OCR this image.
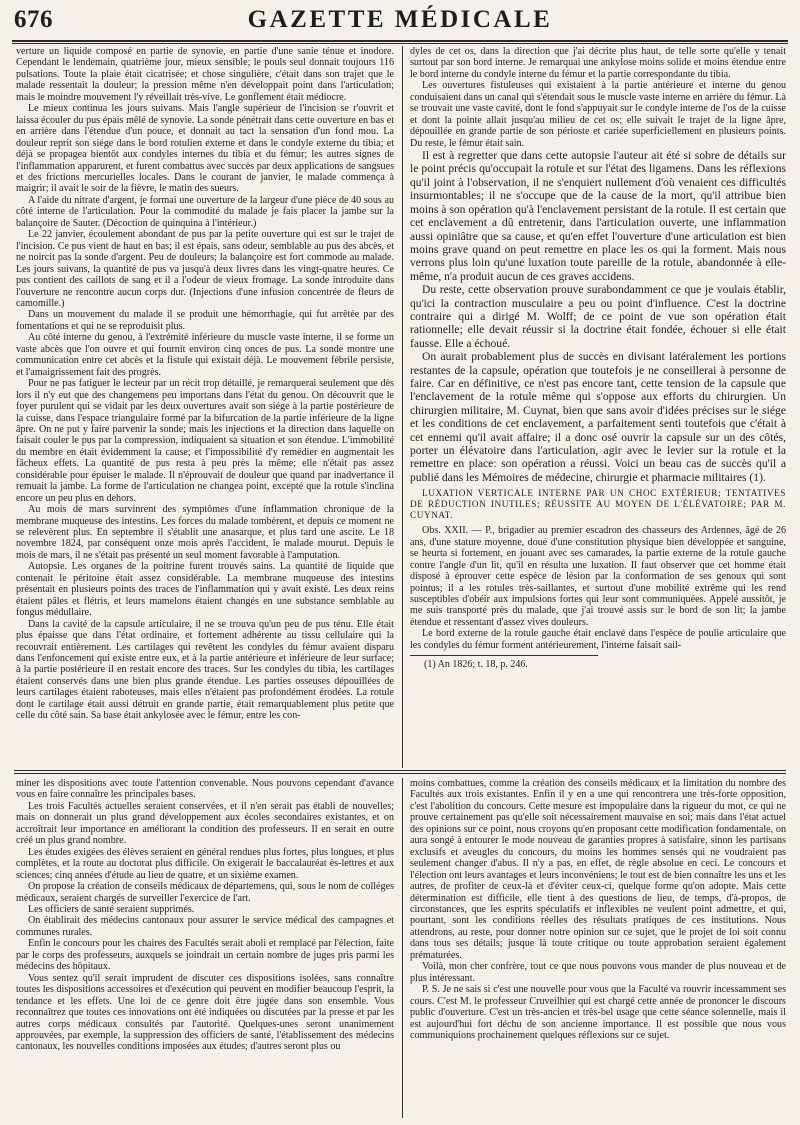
676	GAZETTE MÉDICALE

verture un liquide composé en partie de synovie, en partie d'une sanie ténue et inodore. Cependant le lendemain, quatrième jour, mieux sensible; le pouls seul donnait toujours 116 pulsations. Toute la plaie était cicatrisée; et chose singulière, c'était dans son trajet que le malade ressentait la douleur; la pression même n'en développait point dans l'articulation; mais le moindre mouvement l'y réveillait très-vive. Le gonflement était médiocre.

Le mieux continua les jours suivans. Mais l'angle supérieur de l'incision se r'ouvrit et laissa écouler du pus épais mêlé de synovie. La sonde pénétrait dans cette ouverture en bas et en arrière dans l'étendue d'un pouce, et donnait au tact la sensation d'un fond mou. La douleur reprit son siége dans le bord rotulien externe et dans le condyle externe du tibia; et déjà se propagea bientôt aux condyles internes du tibia et du fémur; les autres signes de l'inflammation apparurent, et furent combattus avec succès par deux applications de sangsues et des frictions mercurielles locales. Dans le courant de janvier, le malade commença à maigrir; il avait le soir de la fièvre, le matin des sueurs.

A l'aide du nitrate d'argent, je formai une ouverture de la largeur d'une pièce de 40 sous au côté interne de l'articulation. Pour la commodité du malade je fais placer la jambe sur la balançoire de Sauter. (Décoction de quinquina à l'intérieur.)

Le 22 janvier, écoulement abondant de pus par la petite ouverture qui est sur le trajet de l'incision. Ce pus vient de haut en bas; il est épais, sans odeur, semblable au pus des abcès, et ne noircit pas la sonde d'argent. Peu de douleurs; la balançoire est fort commode au malade. Les jours suivans, la quantité de pus va jusqu'à deux livres dans les vingt-quatre heures. Ce pus contient des caillots de sang et il a l'odeur de vieux fromage. La sonde introduite dans l'ouverture ne rencontre aucun corps dur. (Injections d'une infusion concentrée de fleurs de camomille.)

Dans un mouvement du malade il se produit une hémorrhagie, qui fut arrêtée par des fomentations et qui ne se reproduisit plus.

Au côté interne du genou, à l'extrémité inférieure du muscle vaste interne, il se forme un vaste abcès que l'on ouvre et qui fournit environ cinq onces de pus. La sonde montre une communication entre cet abcès et la fistule qui existait déjà. Le mouvement fébrile persiste, et l'amaigrissement fait des progrès.

Pour ne pas fatiguer le lecteur par un récit trop détaillé, je remarquerai seulement que dès lors il n'y eut que des changemens peu importans dans l'état du genou. On découvrit que le foyer purulent qui se vidait par les deux ouvertures avait son siége à la partie postérieure de la cuisse, dans l'espace triangulaire formé par la bifurcation de la partie inférieure de la ligne âpre. On ne put y faire parvenir la sonde; mais les injections et la direction dans laquelle on faisait couler le pus par la compression, indiquaient sa situation et son étendue. L'immobilité du membre en était évidemment la cause; et l'impossibilité d'y remédier en augmentait les fâcheux effets. La quantité de pus resta à peu près la même; elle n'était pas assez considérable pour épuiser le malade. Il n'éprouvait de douleur que quand par inadvertance il remuait la jambe. La forme de l'articulation ne changea point, excepté que la rotule s'inclina encore un peu plus en dehors.

Au mois de mars survinrent des symptômes d'une inflammation chronique de la membrane muqueuse des intestins. Les forces du malade tombèrent, et depuis ce moment ne se relevèrent plus. En septembre il s'établit une anasarque, et plus tard une ascite. Le 18 novembre 1824, par conséquent onze mois après l'accident, le malade mourut. Depuis le mois de mars, il ne s'était pas présenté un seul moment favorable à l'amputation.

Autopsie. Les organes de la poitrine furent trouvés sains. La quantité de liquide que contenait le péritoine était assez considérable. La membrane muqueuse des intestins présentait en plusieurs points des traces de l'inflammation qui y avait existé. Les deux reins étaient pâles et flétris, et leurs mamelons étaient changés en une substance semblable au fongus médullaire.

Dans la cavité de la capsule articulaire, il ne se trouva qu'un peu de pus ténu. Elle était plus épaisse que dans l'état ordinaire, et fortement adhérente au tissu cellulaire qui la recouvrait entièrement. Les cartilages qui revêtent les condyles du fémur avaient disparu dans l'enfoncement qui existe entre eux, et à la partie antérieure et inférieure de leur surface; à la partie postérieure il en restait encore des traces. Sur les condyles du tibia, les cartilages étaient conservés dans une bien plus grande étendue. Les parties osseuses dépouillées de leurs cartilages étaient raboteuses, mais elles n'étaient pas profondément érodées. La rotule dont le cartilage était aussi détruit en grande partie, était remarquablement plus petite que celle du côté sain. Sa base était ankylosée avec le fémur, entre les con-

dyles de cet os, dans la direction que j'ai décrite plus haut, de telle sorte qu'elle y tenait surtout par son bord interne. Je remarquai une ankylose moins solide et moins étendue entre le bord interne du condyle interne du fémur et la partie correspondante du tibia.

Les ouvertures fistuleuses qui existaient à la partie antérieure et interne du genou conduisaient dans un canal qui s'étendait sous le muscle vaste interne en arrière du fémur. Là se trouvait une vaste cavité, dont le fond s'appuyait sur le condyle interne de l'os de la cuisse et dont la pointe allait jusqu'au milieu de cet os; elle suivait le trajet de la ligne âpre, dépouillée en grande partie de son périoste et cariée superficiellement en plusieurs points. Du reste, le fémur était sain.

Il est à regretter que dans cette autopsie l'auteur ait été si sobre de détails sur le point précis qu'occupait la rotule et sur l'état des ligamens. Dans les réflexions qu'il joint à l'observation, il ne s'enquiert nullement d'où venaient ces difficultés insurmontables; il ne s'occupe que de la cause de la mort, qu'il attribue bien moins à son opération qu'à l'enclavement persistant de la rotule. Il est certain que cet enclavement a dû entretenir, dans l'articulation ouverte, une inflammation aussi opiniâtre que sa cause, et qu'en effet l'ouverture d'une articulation est bien moins grave quand on peut remettre en place les os qui la forment. Mais nous verrons plus loin qu'une luxation toute pareille de la rotule, abandonnée à elle-même, n'a produit aucun de ces graves accidens.

Du reste, cette observation prouve surabondamment ce que je voulais établir, qu'ici la contraction musculaire a peu ou point d'influence. C'est la doctrine contraire qui a dirigé M. Wolff; de ce point de vue son opération était rationnelle; elle devait réussir si la doctrine était fondée, échouer si elle était fausse. Elle a échoué.

On aurait probablement plus de succès en divisant latéralement les portions restantes de la capsule, opération que toutefois je ne conseillerai à personne de faire. Car en définitive, ce n'est pas encore tant, cette tension de la capsule que l'enclavement de la rotule même qui s'oppose aux efforts du chirurgien. Un chirurgien militaire, M. Cuynat, bien que sans avoir d'idées précises sur le siége et les conditions de cet enclavement, a parfaitement senti toutefois que c'était à cet ennemi qu'il avait affaire; il a donc osé ouvrir la capsule sur un des côtés, porter un élévatoire dans l'articulation, agir avec le levier sur la rotule et la remettre en place: son opération a réussi. Voici un beau cas de succès qu'il a publié dans les Mémoires de médecine, chirurgie et pharmacie militaires (1).

LUXATION VERTICALE INTERNE PAR UN CHOC EXTÉRIEUR; TENTATIVES DE RÉDUCTION INUTILES; RÉUSSITE AU MOYEN DE L'ÉLÉVATOIRE; PAR M. CUYNAT.

Obs. XXII. — P., brigadier au premier escadron des chasseurs des Ardennes, âgé de 26 ans, d'une stature moyenne, doué d'une constitution physique bien développée et sanguine, se heurta si fortement, en jouant avec ses camarades, la partie externe de la rotule gauche contre l'angle d'un lit, qu'il en résulta une luxation. Il faut observer que cet homme était disposé à éprouver cette espèce de lésion par la conformation de ses genoux qui sont pointus; il a les rotules très-saillantes, et surtout d'une mobilité extrême qui les rend susceptibles d'obéir aux impulsions fortes qui leur sont communiquées. Appelé aussitôt, je me suis transporté près du malade, que j'ai trouvé assis sur le bord de son lit; la jambe étendue et ressentant d'assez vives douleurs.

Le bord externe de la rotule gauche était enclavé dans l'espèce de poulie articulaire que les condyles du fémur forment antérieurement, l'interne faisait sail-

(1) An 1826; t. 18, p. 246.

miner les dispositions avec toute l'attention convenable. Nous pouvons cependant d'avance vous en faire connaître les principales bases.

Les trois Facultés actuelles seraient conservées, et il n'en serait pas établi de nouvelles; mais on donnerait un plus grand développement aux écoles secondaires existantes, et on accroîtrait leur importance en améliorant la condition des professeurs. Il en serait en outre créé un plus grand nombre.

Les études exigées des élèves seraient en général rendues plus fortes, plus longues, et plus complètes, et la route au doctorat plus difficile. On exigerait le baccalauréat ès-lettres et aux sciences; cinq années d'étude au lieu de quatre, et un sixième examen.

On propose la création de conseils médicaux de départemens, qui, sous le nom de colléges médicaux, seraient chargés de surveiller l'exercice de l'art.

Les officiers de santé seraient supprimés.

On établirait des médecins cantonaux pour assurer le service médical des campagnes et communes rurales.

Enfin le concours pour les chaires des Facultés serait aboli et remplacé par l'élection, faite par le corps des professeurs, auxquels se joindrait un certain nombre de juges pris parmi les médecins des hôpitaux.

Vous sentez qu'il serait imprudent de discuter ces dispositions isolées, sans connaître toutes les dispositions accessoires et d'exécution qui peuvent en modifier beaucoup l'esprit, la tendance et les effets. Une loi de ce genre doit être jugée dans son ensemble. Vous reconnaîtrez que toutes ces innovations ont été indiquées ou discutées par la presse et par les autres corps médicaux consultés par l'autorité. Quelques-unes seront unanimement approuvées, par exemple, la suppression des officiers de santé, l'établissement des médecins cantonaux, les nouvelles conditions imposées aux études; d'autres seront plus ou

moins combattues, comme la création des conseils médicaux et la limitation du nombre des Facultés aux trois existantes. Enfin il y en a une qui rencontrera une très-forte opposition, c'est l'abolition du concours. Cette mesure est impopulaire dans la rigueur du mot, ce qui ne prouve certainement pas qu'elle soit nécessairement mauvaise en soi; mais dans l'état actuel des opinions sur ce point, nous croyons qu'en proposant cette modification fondamentale, on aura songé à entourer le mode nouveau de garanties propres à satisfaire, sinon les partisans exclusifs et aveugles du concours, du moins les hommes sensés qui ne voudraient pas seulement changer d'abus. Il n'y a pas, en effet, de règle absolue en ceci. Le concours et l'élection ont leurs avantages et leurs inconvéniens; le tout est de bien connaître les uns et les autres, de profiter de ceux-là et d'éviter ceux-ci, quelque forme qu'on adopte. Mais cette détermination est difficile, elle tient à des questions de lieu, de temps, d'à-propos, de circonstances, que les esprits spéculatifs et inflexibles ne veulent point admettre, et qui, pourtant, sont les conditions réelles des résultats pratiques de ces institutions. Nous attendrons, au reste, pour donner notre opinion sur ce sujet, que le projet de loi soit connu dans tous ses détails; jusque là toute critique ou toute approbation seraient également prématurées.

Voilà, mon cher confrère, tout ce que nous pouvons vous mander de plus nouveau et de plus intéressant.

P. S. Je ne sais si c'est une nouvelle pour vous que la Faculté va rouvrir incessamment ses cours. C'est M. le professeur Cruveilhier qui est chargé cette année de prononcer le discours public d'ouverture. C'est un très-ancien et très-bel usage que cette séance solennelle, mais il est aujourd'hui fort déchu de son ancienne importance. Il est possible que nous vous communiquions prochainement quelques réflexions sur ce sujet.
